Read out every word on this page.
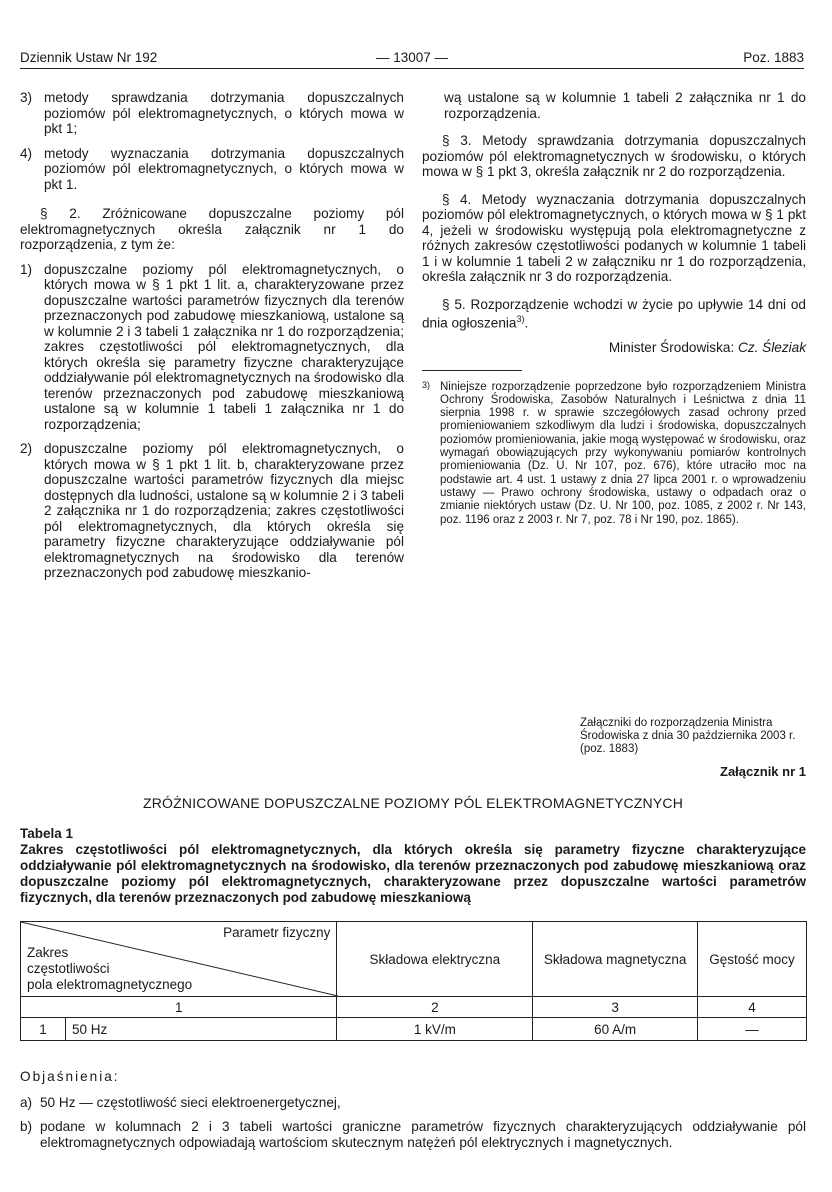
Dziennik Ustaw Nr 192	— 13007 —	Poz. 1883
3) metody sprawdzania dotrzymania dopuszczalnych poziomów pól elektromagnetycznych, o których mowa w pkt 1;
4) metody wyznaczania dotrzymania dopuszczalnych poziomów pól elektromagnetycznych, o których mowa w pkt 1.

§ 2. Zróżnicowane dopuszczalne poziomy pól elektromagnetycznych określa załącznik nr 1 do rozporządzenia, z tym że:

1) dopuszczalne poziomy pól elektromagnetycznych, o których mowa w § 1 pkt 1 lit. a, charakteryzowane przez dopuszczalne wartości parametrów fizycznych dla terenów przeznaczonych pod zabudowę mieszkaniową, ustalone są w kolumnie 2 i 3 tabeli 1 załącznika nr 1 do rozporządzenia; zakres częstotliwości pól elektromagnetycznych, dla których określa się parametry fizyczne charakteryzujące oddziaływanie pól elektromagnetycznych na środowisko dla terenów przeznaczonych pod zabudowę mieszkaniową ustalone są w kolumnie 1 tabeli 1 załącznika nr 1 do rozporządzenia;
2) dopuszczalne poziomy pól elektromagnetycznych, o których mowa w § 1 pkt 1 lit. b, charakteryzowane przez dopuszczalne wartości parametrów fizycznych dla miejsc dostępnych dla ludności, ustalone są w kolumnie 2 i 3 tabeli 2 załącznika nr 1 do rozporządzenia; zakres częstotliwości pól elektromagnetycznych, dla których określa się parametry fizyczne charakteryzujące oddziaływanie pól elektromagnetycznych na środowisko dla terenów przeznaczonych pod zabudowę mieszkanio-

wą ustalone są w kolumnie 1 tabeli 2 załącznika nr 1 do rozporządzenia.

§ 3. Metody sprawdzania dotrzymania dopuszczalnych poziomów pól elektromagnetycznych w środowisku, o których mowa w § 1 pkt 3, określa załącznik nr 2 do rozporządzenia.

§ 4. Metody wyznaczania dotrzymania dopuszczalnych poziomów pól elektromagnetycznych, o których mowa w § 1 pkt 4, jeżeli w środowisku występują pola elektromagnetyczne z różnych zakresów częstotliwości podanych w kolumnie 1 tabeli 1 i w kolumnie 1 tabeli 2 w załączniku nr 1 do rozporządzenia, określa załącznik nr 3 do rozporządzenia.

§ 5. Rozporządzenie wchodzi w życie po upływie 14 dni od dnia ogłoszenia$^{3)}$.

Minister Środowiska: Cz. Śleziak
3) Niniejsze rozporządzenie poprzedzone było rozporządzeniem Ministra Ochrony Środowiska, Zasobów Naturalnych i Leśnictwa z dnia 11 sierpnia 1998 r. w sprawie szczegółowych zasad ochrony przed promieniowaniem szkodliwym dla ludzi i środowiska, dopuszczalnych poziomów promieniowania, jakie mogą występować w środowisku, oraz wymagań obowiązujących przy wykonywaniu pomiarów kontrolnych promieniowania (Dz. U. Nr 107, poz. 676), które utraciło moc na podstawie art. 4 ust. 1 ustawy z dnia 27 lipca 2001 r. o wprowadzeniu ustawy — Prawo ochrony środowiska, ustawy o odpadach oraz o zmianie niektórych ustaw (Dz. U. Nr 100, poz. 1085, z 2002 r. Nr 143, poz. 1196 oraz z 2003 r. Nr 7, poz. 78 i Nr 190, poz. 1865).
Załączniki do rozporządzenia Ministra Środowiska z dnia 30 października 2003 r. (poz. 1883)
Załącznik nr 1
ZRÓŻNICOWANE DOPUSZCZALNE POZIOMY PÓL ELEKTROMAGNETYCZNYCH
Tabela 1
Zakres częstotliwości pól elektromagnetycznych, dla których określa się parametry fizyczne charakteryzujące oddziaływanie pól elektromagnetycznych na środowisko, dla terenów przeznaczonych pod zabudowę mieszkaniową oraz dopuszczalne poziomy pól elektromagnetycznych, charakteryzowane przez dopuszczalne wartości parametrów fizycznych, dla terenów przeznaczonych pod zabudowę mieszkaniową
Parametr fizyczny
Zakres
częstotliwości
pola elektromagnetycznego		Składowa elektryczna	Składowa magnetyczna	Gęstość mocy
1		2	3	4
1	50 Hz	1 kV/m	60 A/m	—
Objaśnienia:
a) 50 Hz — częstotliwość sieci elektroenergetycznej,
b) podane w kolumnach 2 i 3 tabeli wartości graniczne parametrów fizycznych charakteryzujących oddziaływanie pól elektromagnetycznych odpowiadają wartościom skutecznym natężeń pól elektrycznych i magnetycznych.
